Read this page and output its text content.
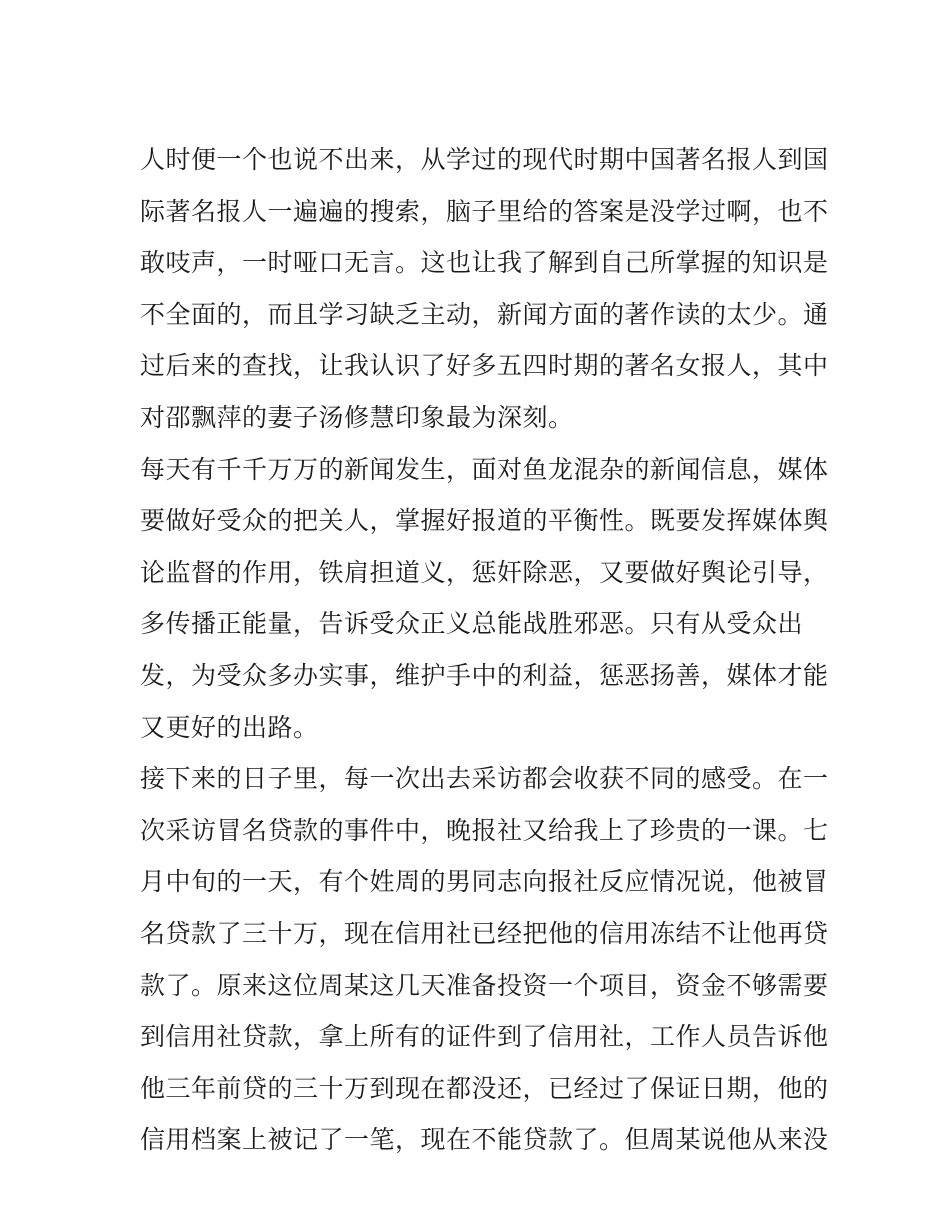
人时便一个也说不出来，从学过的现代时期中国著名报人到国
际著名报人一遍遍的搜索，脑子里给的答案是没学过啊，也不
敢吱声，一时哑口无言。这也让我了解到自己所掌握的知识是
不全面的，而且学习缺乏主动，新闻方面的著作读的太少。通
过后来的查找，让我认识了好多五四时期的著名女报人，其中
对邵飘萍的妻子汤修慧印象最为深刻。
每天有千千万万的新闻发生，面对鱼龙混杂的新闻信息，媒体
要做好受众的把关人，掌握好报道的平衡性。既要发挥媒体舆
论监督的作用，铁肩担道义，惩奸除恶，又要做好舆论引导，
多传播正能量，告诉受众正义总能战胜邪恶。只有从受众出
发，为受众多办实事，维护手中的利益，惩恶扬善，媒体才能
又更好的出路。
接下来的日子里，每一次出去采访都会收获不同的感受。在一
次采访冒名贷款的事件中，晚报社又给我上了珍贵的一课。七
月中旬的一天，有个姓周的男同志向报社反应情况说，他被冒
名贷款了三十万，现在信用社已经把他的信用冻结不让他再贷
款了。原来这位周某这几天准备投资一个项目，资金不够需要
到信用社贷款，拿上所有的证件到了信用社，工作人员告诉他
他三年前贷的三十万到现在都没还，已经过了保证日期，他的
信用档案上被记了一笔，现在不能贷款了。但周某说他从来没
